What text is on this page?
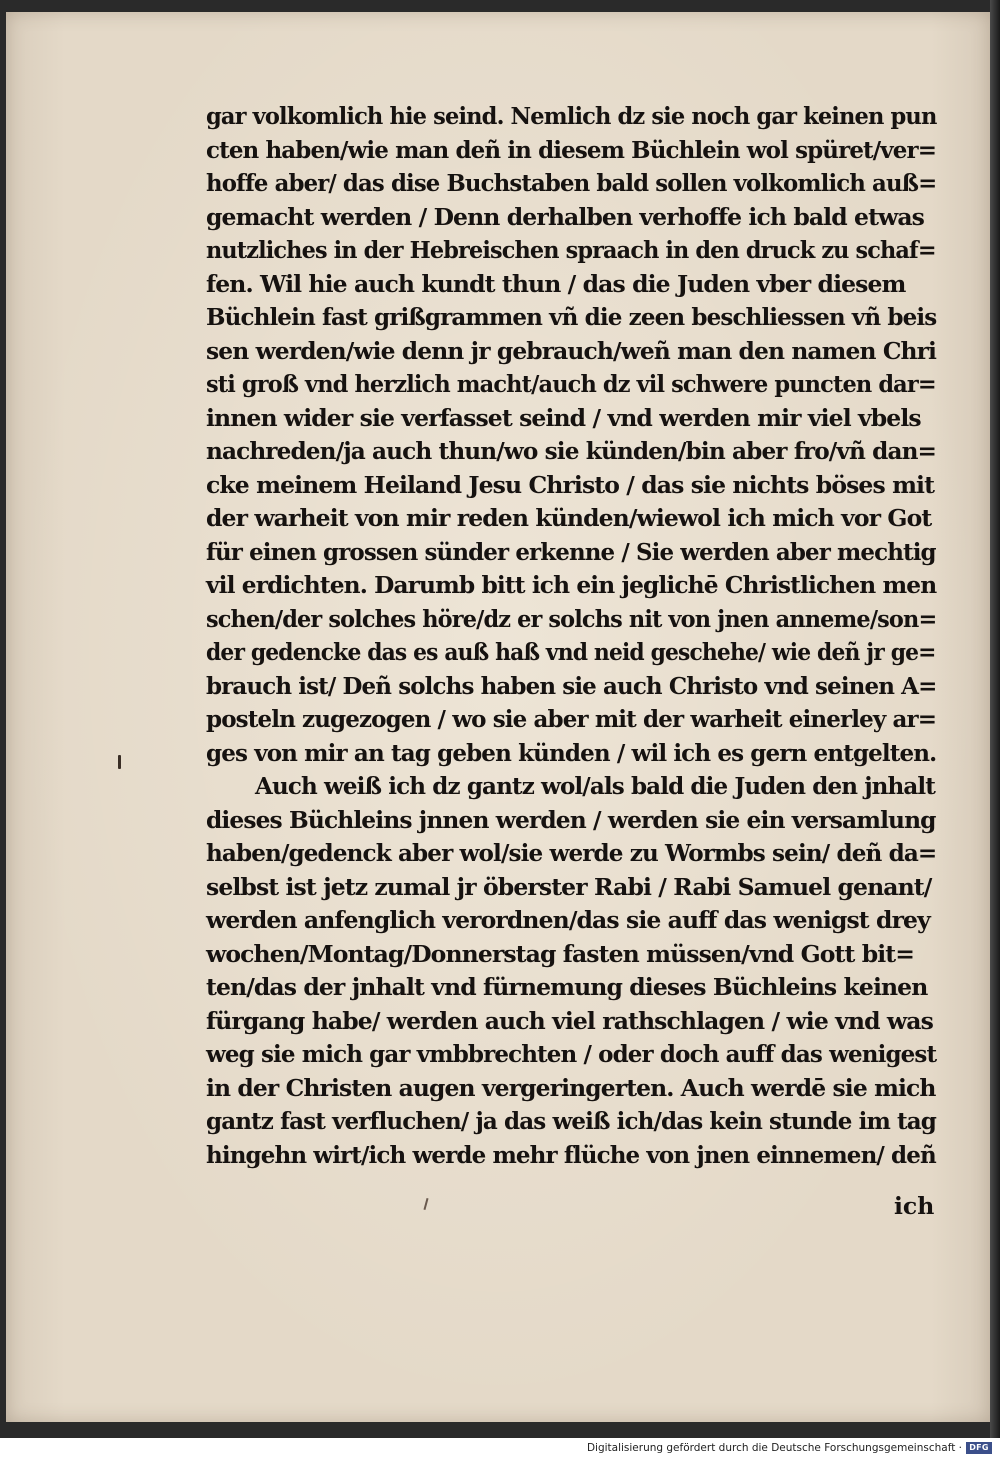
gar volkomlich hie seind. Nemlich dz sie noch gar keinen pun
cten haben/wie man deñ in diesem Büchlein wol spüret/ver=
hoffe aber/ das dise Buchstaben bald sollen volkomlich auß=
gemacht werden / Denn derhalben verhoffe ich bald etwas
nutzliches in der Hebreischen spraach in den druck zu schaf=
fen. Wil hie auch kundt thun / das die Juden vber diesem
Büchlein fast grißgrammen vñ die zeen beschliessen vñ beis
sen werden/wie denn jr gebrauch/weñ man den namen Chri
sti groß vnd herzlich macht/auch dz vil schwere puncten dar=
innen wider sie verfasset seind / vnd werden mir viel vbels
nachreden/ja auch thun/wo sie künden/bin aber fro/vñ dan=
cke meinem Heiland Jesu Christo / das sie nichts böses mit
der warheit von mir reden künden/wiewol ich mich vor Got
für einen grossen sünder erkenne / Sie werden aber mechtig
vil erdichten. Darumb bitt ich ein jeglichē Christlichen men
schen/der solches höre/dz er solchs nit von jnen anneme/son=
der gedencke das es auß haß vnd neid geschehe/ wie deñ jr ge=
brauch ist/ Deñ solchs haben sie auch Christo vnd seinen A=
posteln zugezogen / wo sie aber mit der warheit einerley ar=
ges von mir an tag geben künden / wil ich es gern entgelten.
Auch weiß ich dz gantz wol/als bald die Juden den jnhalt
dieses Büchleins jnnen werden / werden sie ein versamlung
haben/gedenck aber wol/sie werde zu Wormbs sein/ deñ da=
selbst ist jetz zumal jr öberster Rabi / Rabi Samuel genant/
werden anfenglich verordnen/das sie auff das wenigst drey
wochen/Montag/Donnerstag fasten müssen/vnd Gott bit=
ten/das der jnhalt vnd fürnemung dieses Büchleins keinen
fürgang habe/ werden auch viel rathschlagen / wie vnd was
weg sie mich gar vmbbrechten / oder doch auff das wenigest
in der Christen augen vergeringerten. Auch werdē sie mich
gantz fast verfluchen/ ja das weiß ich/das kein stunde im tag
hingehn wirt/ich werde mehr flüche von jnen einnemen/ deñ
ich
Digitalisierung gefördert durch die Deutsche Forschungsgemeinschaft · DFG
